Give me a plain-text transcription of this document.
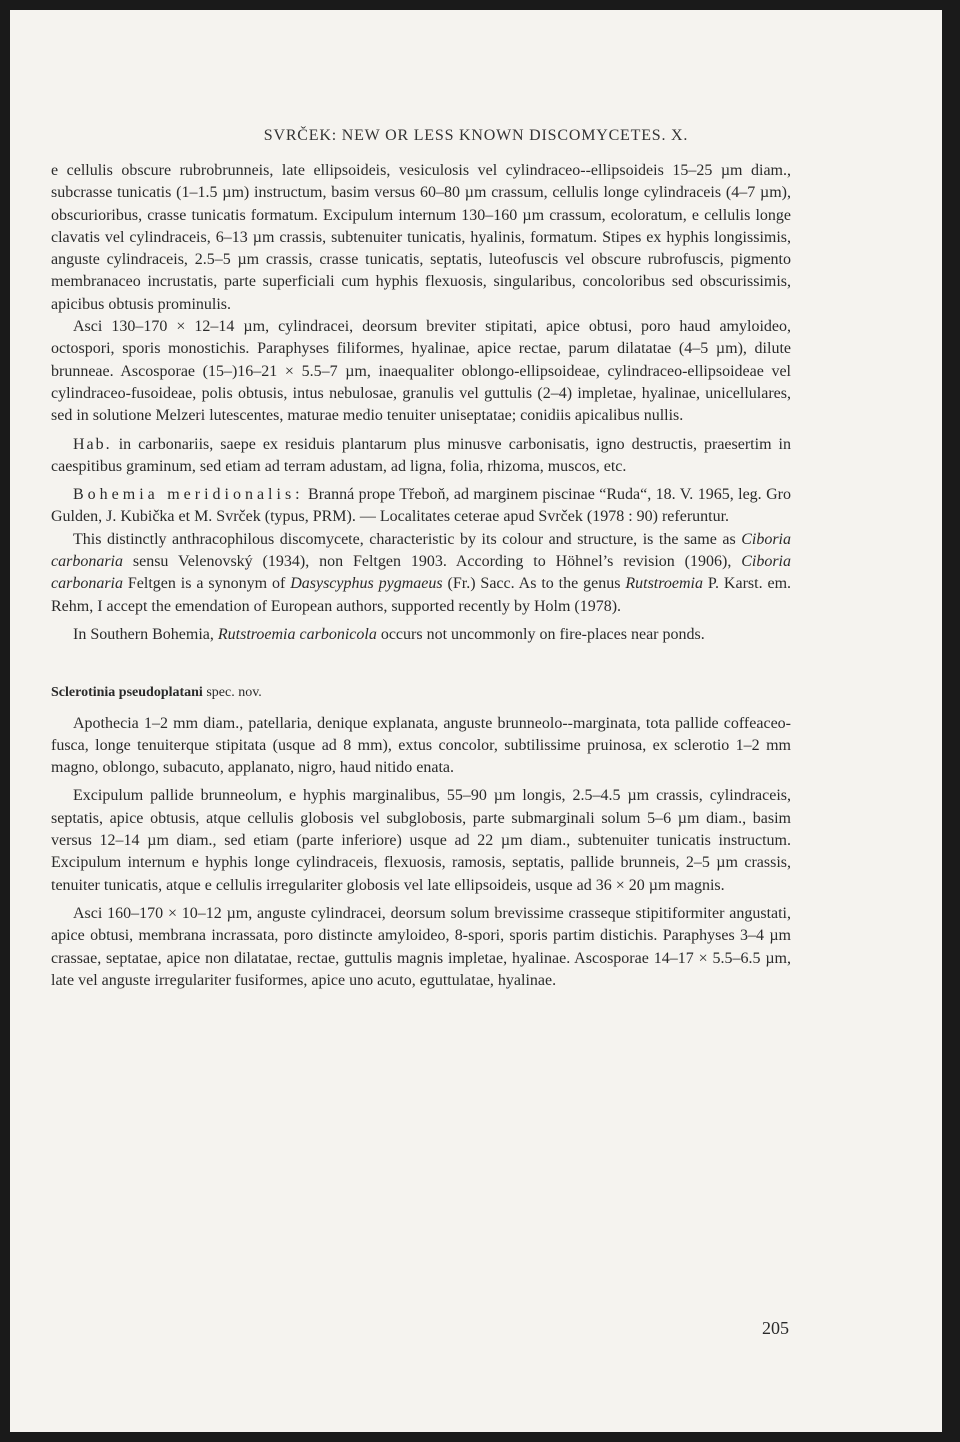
SVRČEK: NEW OR LESS KNOWN DISCOMYCETES. X.

e cellulis obscure rubrobrunneis, late ellipsoideis, vesiculosis vel cylindraceo--ellipsoideis 15–25 µm diam., subcrasse tunicatis (1–1.5 µm) instructum, basim versus 60–80 µm crassum, cellulis longe cylindraceis (4–7 µm), obscurioribus, crasse tunicatis formatum. Excipulum internum 130–160 µm crassum, ecoloratum, e cellulis longe clavatis vel cylindraceis, 6–13 µm crassis, subtenuiter tunicatis, hyalinis, formatum. Stipes ex hyphis longissimis, anguste cylindraceis, 2.5–5 µm crassis, crasse tunicatis, septatis, luteofuscis vel obscure rubrofuscis, pigmento membranaceo incrustatis, parte superficiali cum hyphis flexuosis, singularibus, concoloribus sed obscurissimis, apicibus obtusis prominulis.

Asci 130–170 × 12–14 µm, cylindracei, deorsum breviter stipitati, apice obtusi, poro haud amyloideo, octospori, sporis monostichis. Paraphyses filiformes, hyalinae, apice rectae, parum dilatatae (4–5 µm), dilute brunneae. Ascosporae (15–)16–21 × 5.5–7 µm, inaequaliter oblongo-ellipsoideae, cylindraceo-ellipsoideae vel cylindraceo-fusoideae, polis obtusis, intus nebulosae, granulis vel guttulis (2–4) impletae, hyalinae, unicellulares, sed in solutione Melzeri lutescentes, maturae medio tenuiter uniseptatae; conidiis apicalibus nullis.

Hab. in carbonariis, saepe ex residuis plantarum plus minusve carbonisatis, igno destructis, praesertim in caespitibus graminum, sed etiam ad terram adustam, ad ligna, folia, rhizoma, muscos, etc.

Bohemia meridionalis: Branná prope Třeboň, ad marginem piscinae “Ruda“, 18. V. 1965, leg. Gro Gulden, J. Kubička et M. Svrček (typus, PRM). — Localitates ceterae apud Svrček (1978 : 90) referuntur.

This distinctly anthracophilous discomycete, characteristic by its colour and structure, is the same as Ciboria carbonaria sensu Velenovský (1934), non Feltgen 1903. According to Höhnel’s revision (1906), Ciboria carbonaria Feltgen is a synonym of Dasyscyphus pygmaeus (Fr.) Sacc. As to the genus Rutstroemia P. Karst. em. Rehm, I accept the emendation of European authors, supported recently by Holm (1978).

In Southern Bohemia, Rutstroemia carbonicola occurs not uncommonly on fire-places near ponds.

Sclerotinia pseudoplatani spec. nov.

Apothecia 1–2 mm diam., patellaria, denique explanata, anguste brunneolo--marginata, tota pallide coffeaceo-fusca, longe tenuiterque stipitata (usque ad 8 mm), extus concolor, subtilissime pruinosa, ex sclerotio 1–2 mm magno, oblongo, subacuto, applanato, nigro, haud nitido enata.

Excipulum pallide brunneolum, e hyphis marginalibus, 55–90 µm longis, 2.5–4.5 µm crassis, cylindraceis, septatis, apice obtusis, atque cellulis globosis vel subglobosis, parte submarginali solum 5–6 µm diam., basim versus 12–14 µm diam., sed etiam (parte inferiore) usque ad 22 µm diam., subtenuiter tunicatis instructum. Excipulum internum e hyphis longe cylindraceis, flexuosis, ramosis, septatis, pallide brunneis, 2–5 µm crassis, tenuiter tunicatis, atque e cellulis irregulariter globosis vel late ellipsoideis, usque ad 36 × 20 µm magnis.

Asci 160–170 × 10–12 µm, anguste cylindracei, deorsum solum brevissime crasseque stipitiformiter angustati, apice obtusi, membrana incrassata, poro distincte amyloideo, 8-spori, sporis partim distichis. Paraphyses 3–4 µm crassae, septatae, apice non dilatatae, rectae, guttulis magnis impletae, hyalinae. Ascosporae 14–17 × 5.5–6.5 µm, late vel anguste irregulariter fusiformes, apice uno acuto, eguttulatae, hyalinae.

205
